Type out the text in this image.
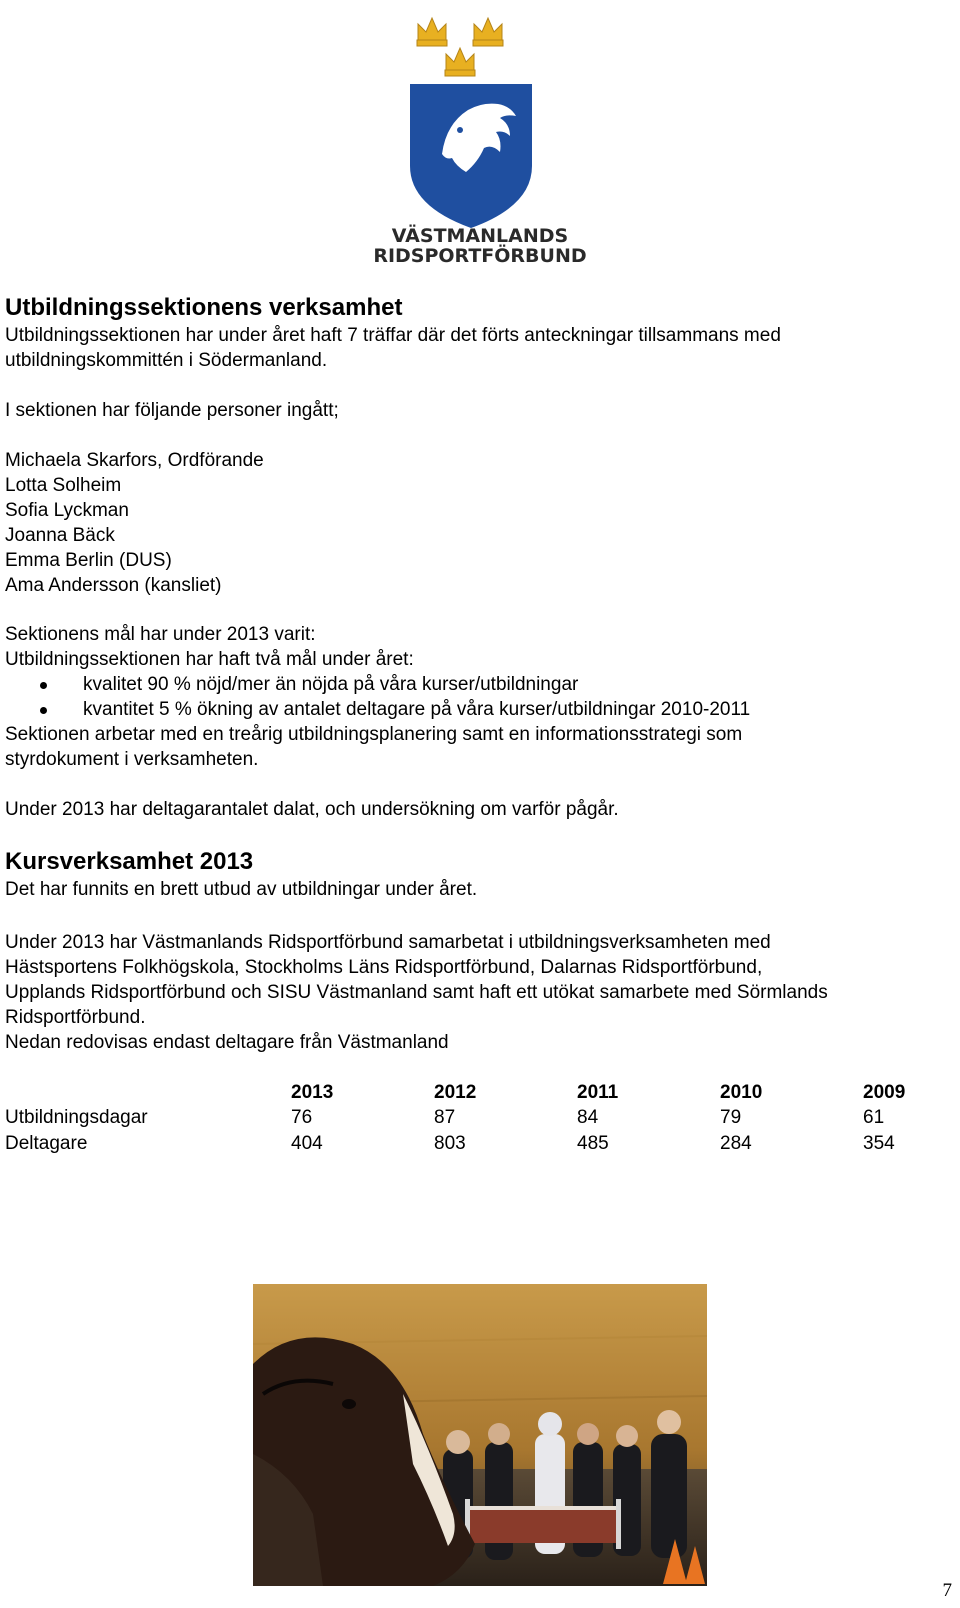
VÄSTMANLANDS
RIDSPORTFÖRBUND
Utbildningssektionens verksamhet
Utbildningssektionen har under året haft 7 träffar där det förts anteckningar tillsammans med
utbildningskommittén i Södermanland.
I sektionen har följande personer ingått;
Michaela Skarfors, Ordförande
Lotta Solheim
Sofia Lyckman
Joanna Bäck
Emma Berlin (DUS)
Ama Andersson (kansliet)
Sektionens mål har under 2013 varit:
Utbildningssektionen har haft två mål under året:
kvalitet 90 % nöjd/mer än nöjda på våra kurser/utbildningar
kvantitet 5 % ökning av antalet deltagare på våra kurser/utbildningar 2010-2011
Sektionen arbetar med en treårig utbildningsplanering samt en informationsstrategi som
styrdokument i verksamheten.
Under 2013 har deltagarantalet dalat, och undersökning om varför pågår.
Kursverksamhet 2013
Det har funnits en brett utbud av utbildningar under året.
Under 2013 har Västmanlands Ridsportförbund samarbetat i utbildningsverksamheten med
Hästsportens Folkhögskola, Stockholms Läns Ridsportförbund, Dalarnas Ridsportförbund,
Upplands Ridsportförbund och SISU Västmanland samt haft ett utökat samarbete med Sörmlands
Ridsportförbund.
Nedan redovisas endast deltagare från Västmanland
	2013	2012	2011	2010	2009
Utbildningsdagar	76	87	84	79	61
Deltagare	404	803	485	284	354
7
